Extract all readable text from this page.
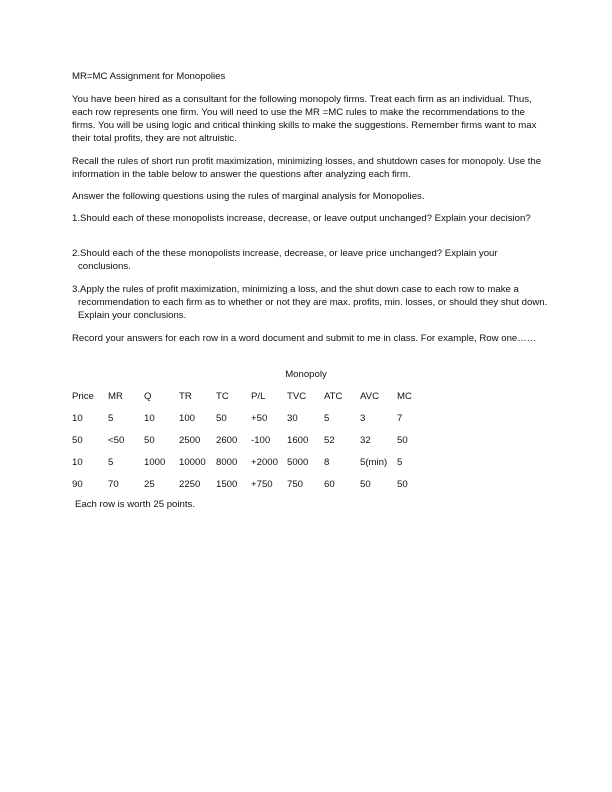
MR=MC Assignment for Monopolies

You have been hired as a consultant for the following monopoly firms. Treat each firm as an individual. Thus, each row represents one firm. You will need to use the MR =MC rules to make the recommendations to the firms. You will be using logic and critical thinking skills to make the suggestions. Remember firms want to max their total profits, they are not altruistic.

Recall the rules of short run profit maximization, minimizing losses, and shutdown cases for monopoly. Use the information in the table below to answer the questions after analyzing each firm.

Answer the following questions using the rules of marginal analysis for Monopolies.

1.Should each of these monopolists increase, decrease, or leave output unchanged? Explain your decision?

2.Should each of the these monopolists increase, decrease, or leave price unchanged? Explain your conclusions.

3.Apply the rules of profit maximization, minimizing a loss, and the shut down case to each row to make a recommendation to each firm as to whether or not they are max. profits, min. losses, or should they shut down. Explain your conclusions.

Record your answers for each row in a word document and submit to me in class. For example, Row one……

Monopoly

Price MR Q	TR	TC P/L TVC ATC AVC MC
10	5	10	100 50	+50 30	5	3	7
50	<50 50	2500 2600 -100 1600 52	32	50
10	5	1000 10000 8000 +2000 5000 8	5(min) 5
90	70	25	2250 1500 +750 750 60	50	50

Each row is worth 25 points.
